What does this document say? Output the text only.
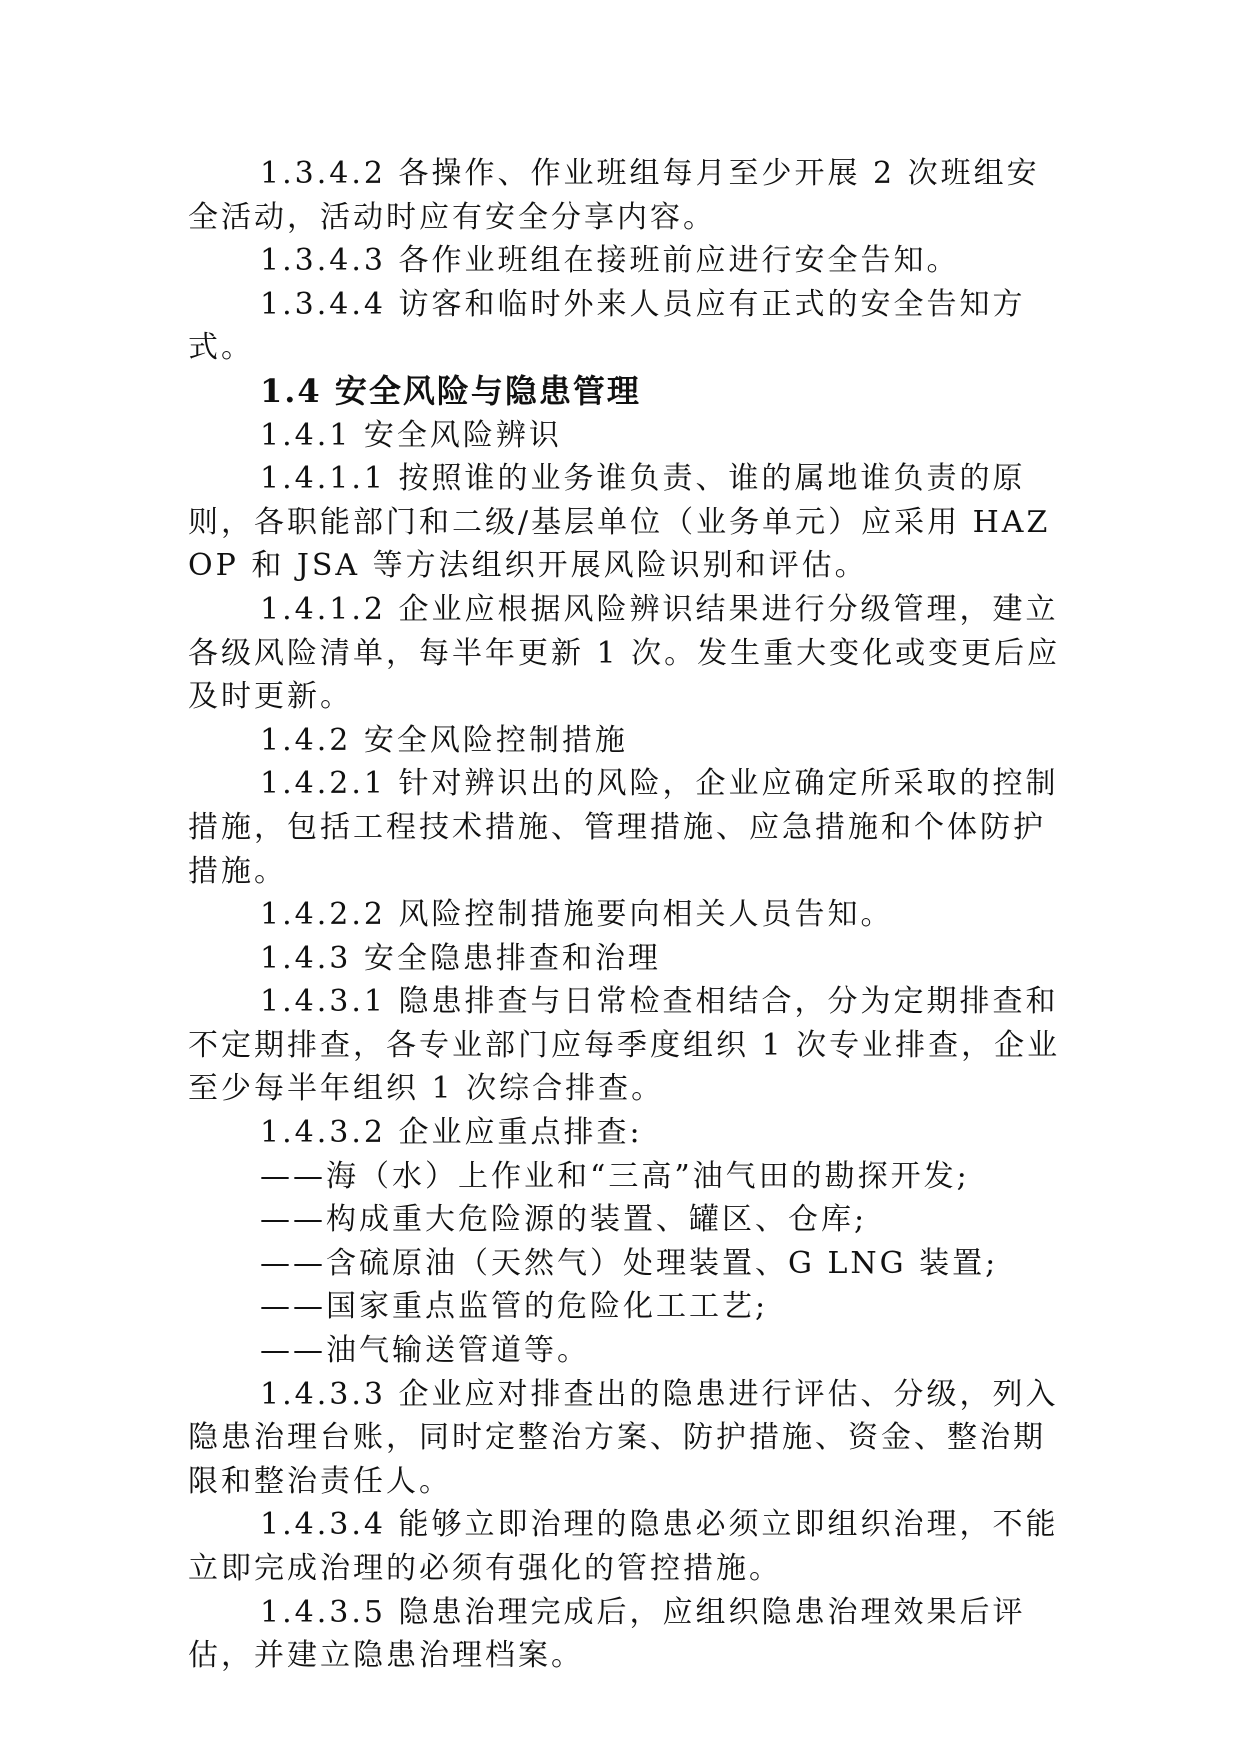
1.3.4.2 各操作、作业班组每月至少开展 2 次班组安全活动，活动时应有安全分享内容。

1.3.4.3 各作业班组在接班前应进行安全告知。

1.3.4.4 访客和临时外来人员应有正式的安全告知方式。

1.4 安全风险与隐患管理

1.4.1 安全风险辨识

1.4.1.1 按照谁的业务谁负责、谁的属地谁负责的原则，各职能部门和二级/基层单位（业务单元）应采用 HAZOP 和 JSA 等方法组织开展风险识别和评估。

1.4.1.2 企业应根据风险辨识结果进行分级管理，建立各级风险清单，每半年更新 1 次。发生重大变化或变更后应及时更新。

1.4.2 安全风险控制措施

1.4.2.1 针对辨识出的风险，企业应确定所采取的控制措施，包括工程技术措施、管理措施、应急措施和个体防护措施。

1.4.2.2 风险控制措施要向相关人员告知。

1.4.3 安全隐患排查和治理

1.4.3.1 隐患排查与日常检查相结合，分为定期排查和不定期排查，各专业部门应每季度组织 1 次专业排查，企业至少每半年组织 1 次综合排查。

1.4.3.2 企业应重点排查:

——海（水）上作业和“三高”油气田的勘探开发;

——构成重大危险源的装置、罐区、仓库;

——含硫原油（天然气）处理装置、G LNG 装置;

——国家重点监管的危险化工工艺;

——油气输送管道等。

1.4.3.3 企业应对排查出的隐患进行评估、分级，列入隐患治理台账，同时定整治方案、防护措施、资金、整治期限和整治责任人。

1.4.3.4 能够立即治理的隐患必须立即组织治理，不能立即完成治理的必须有强化的管控措施。

1.4.3.5 隐患治理完成后，应组织隐患治理效果后评估，并建立隐患治理档案。
